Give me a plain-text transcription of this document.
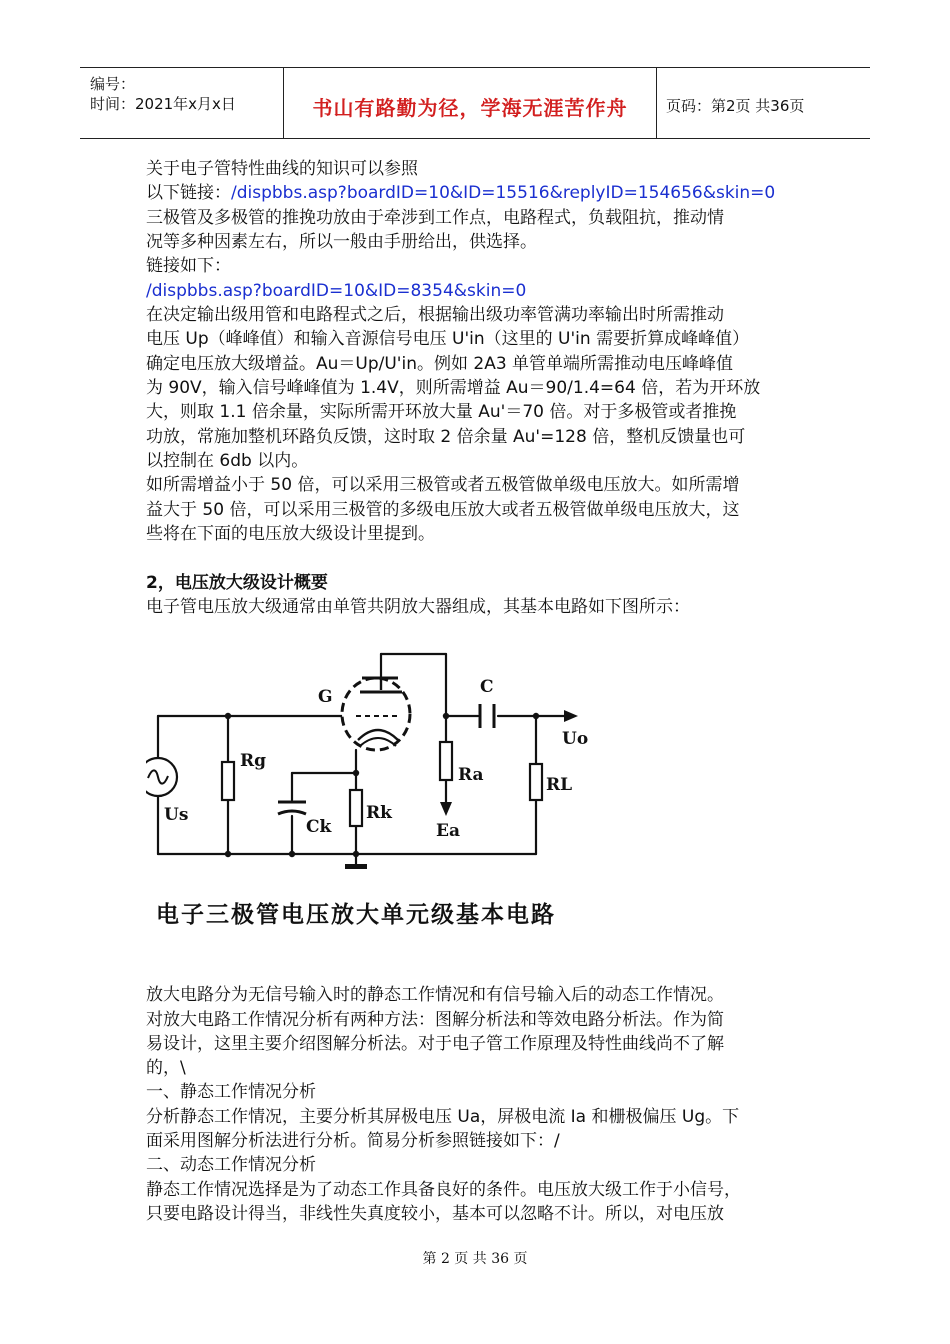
编号：
时间：2021年x月x日	书山有路勤为径，学海无涯苦作舟	页码：第2页 共36页
关于电子管特性曲线的知识可以参照
以下链接：/dispbbs.asp?boardID=10&ID=15516&replyID=154656&skin=0
三极管及多极管的推挽功放由于牵涉到工作点，电路程式，负载阻抗，推动情
况等多种因素左右，所以一般由手册给出，供选择。
链接如下：
/dispbbs.asp?boardID=10&ID=8354&skin=0
在决定输出级用管和电路程式之后，根据输出级功率管满功率输出时所需推动
电压 Up（峰峰值）和输入音源信号电压 U'in（这里的 U'in 需要折算成峰峰值）
确定电压放大级增益。Au＝Up/U'in。例如 2A3 单管单端所需推动电压峰峰值
为 90V，输入信号峰峰值为 1.4V，则所需增益 Au＝90/1.4=64 倍，若为开环放
大，则取 1.1 倍余量，实际所需开环放大量 Au'＝70 倍。对于多极管或者推挽
功放，常施加整机环路负反馈，这时取 2 倍余量 Au'=128 倍，整机反馈量也可
以控制在 6db 以内。
如所需增益小于 50 倍，可以采用三极管或者五极管做单级电压放大。如所需增
益大于 50 倍，可以采用三极管的多级电压放大或者五极管做单级电压放大，这
些将在下面的电压放大级设计里提到。
2，电压放大级设计概要
电子管电压放大级通常由单管共阴放大器组成，其基本电路如下图所示：
G	C
Uo
Rg
Ra	RL
Us
Ck
Rk
Ea
电子三极管电压放大单元级基本电路
放大电路分为无信号输入时的静态工作情况和有信号输入后的动态工作情况。
对放大电路工作情况分析有两种方法：图解分析法和等效电路分析法。作为简
易设计，这里主要介绍图解分析法。对于电子管工作原理及特性曲线尚不了解
的，\
一、静态工作情况分析
分析静态工作情况，主要分析其屏极电压 Ua，屏极电流 Ia 和栅极偏压 Ug。下
面采用图解分析法进行分析。简易分析参照链接如下：/
二、动态工作情况分析
静态工作情况选择是为了动态工作具备良好的条件。电压放大级工作于小信号，
只要电路设计得当，非线性失真度较小，基本可以忽略不计。所以，对电压放
第 2 页 共 36 页
